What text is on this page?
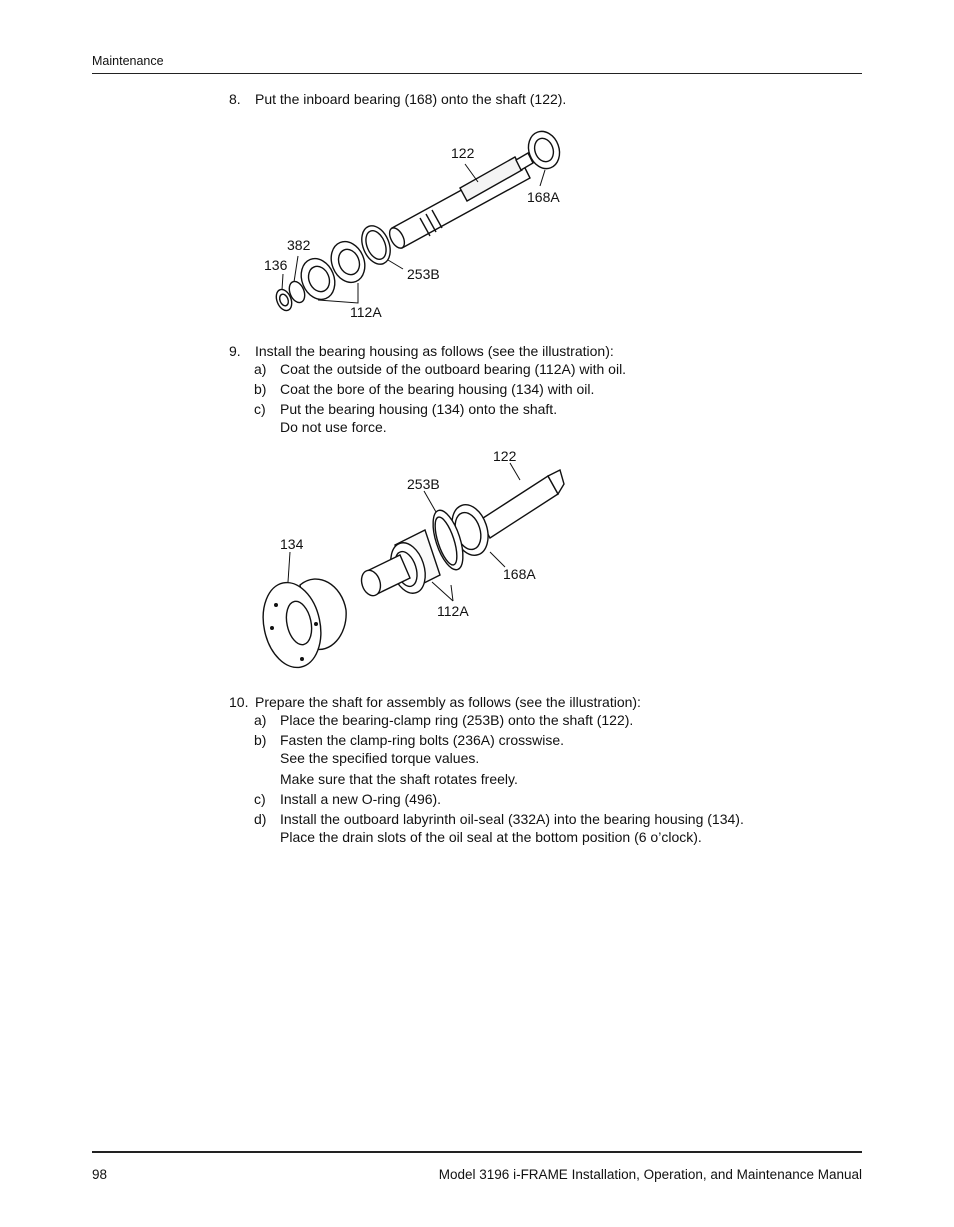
Maintenance
8. Put the inboard bearing (168) onto the shaft (122).
122
168A
382
136
253B
112A
9. Install the bearing housing as follows (see the illustration):
a) Coat the outside of the outboard bearing (112A) with oil.
b) Coat the bore of the bearing housing (134) with oil.
c) Put the bearing housing (134) onto the shaft.
Do not use force.
122
253B
134
168A
112A
10. Prepare the shaft for assembly as follows (see the illustration):
a) Place the bearing-clamp ring (253B) onto the shaft (122).
b) Fasten the clamp-ring bolts (236A) crosswise.
See the specified torque values.
Make sure that the shaft rotates freely.
c) Install a new O-ring (496).
d) Install the outboard labyrinth oil-seal (332A) into the bearing housing (134).
Place the drain slots of the oil seal at the bottom position (6 o’clock).
98	Model 3196 i-FRAME Installation, Operation, and Maintenance Manual
